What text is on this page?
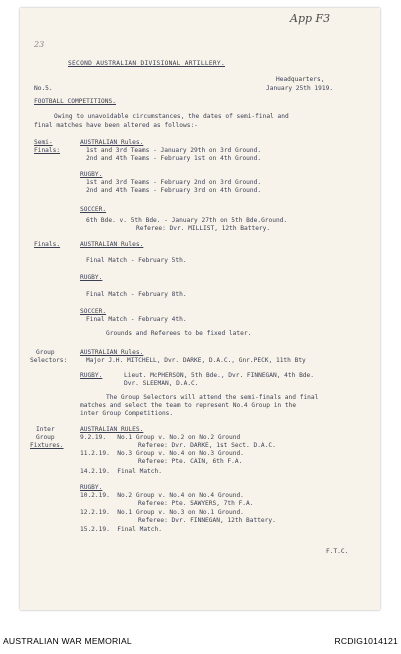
App F3
23
SECOND AUSTRALIAN DIVISIONAL ARTILLERY.
Headquarters,
No.5.	January 25th 1919.
FOOTBALL COMPETITIONS.
Owing to unavoidable circumstances, the dates of semi-final and
final matches have been altered as follows:-
Semi-
Finals:
AUSTRALIAN Rules.
1st and 3rd Teams - January 29th on 3rd Ground.
2nd and 4th Teams - February 1st on 4th Ground.
RUGBY.
1st and 3rd Teams - February 2nd on 3rd Ground.
2nd and 4th Teams - February 3rd on 4th Ground.
SOCCER.
6th Bde. v. 5th Bde. - January 27th on 5th Bde.Ground.
Referee: Dvr. MILLIST, 12th Battery.
Finals.	AUSTRALIAN Rules.
Final Match - February 5th.
RUGBY.
Final Match - February 8th.
SOCCER.
Final Match - February 4th.
Grounds and Referees to be fixed later.
Group
Selectors:
AUSTRALIAN Rules.
Major J.H. MITCHELL, Dvr. DARKE, D.A.C., Gnr.PECK, 11th Bty
RUGBY.	Lieut. McPHERSON, 5th Bde., Dvr. FINNEGAN, 4th Bde.
Dvr. SLEEMAN, D.A.C.
The Group Selectors will attend the semi-finals and final
matches and select the team to represent No.4 Group in the
inter Group Competitions.
Inter
Group
Fixtures.
AUSTRALIAN RULES.
9.2.19.   No.1 Group v. No.2 on No.2 Ground
Referee: Dvr. DARKE, 1st Sect. D.A.C.
11.2.19.  No.3 Group v. No.4 on No.3 Ground.
Referee: Pte. CAIN, 6th F.A.
14.2.19.  Final Match.
RUGBY.
10.2.19.  No.2 Group v. No.4 on No.4 Ground.
Referee: Pte. SAWYERS, 7th F.A.
12.2.19.  No.1 Group v. No.3 on No.1 Ground.
Referee: Dvr. FINNEGAN, 12th Battery.
15.2.19.  Final Match.
F.T.C.
AUSTRALIAN WAR MEMORIAL	RCDIG1014121
